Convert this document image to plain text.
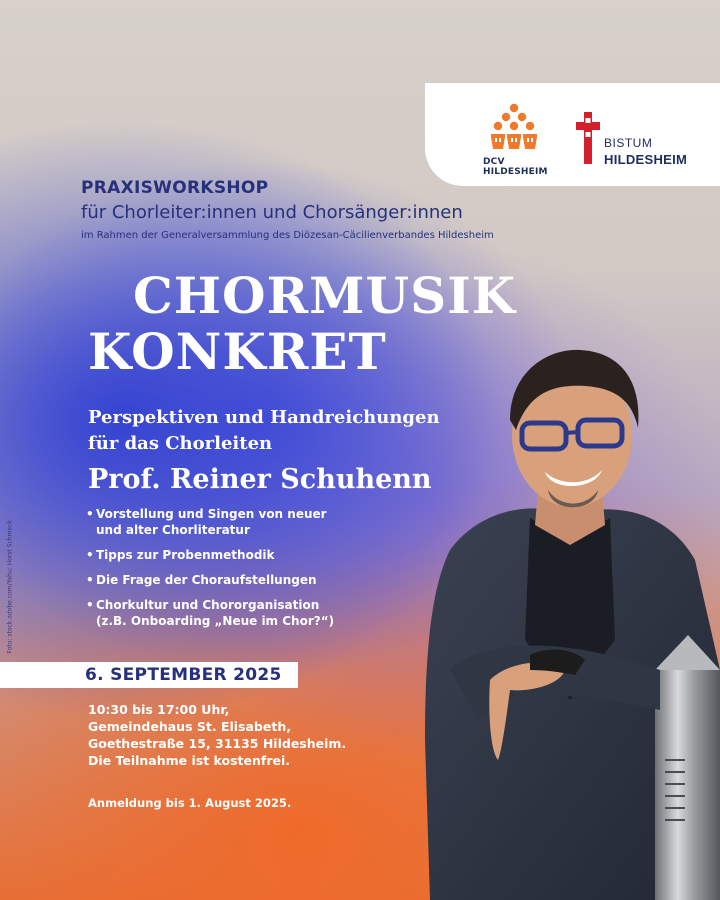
DCV HILDESHEIM
BISTUM
HILDESHEIM
PRAXISWORKSHOP
für Chorleiter:innen und Chorsänger:innen
im Rahmen der Generalversammlung des Diözesan-Cäcilienverbandes Hildesheim
CHORMUSIK
KONKRET
Perspektiven und Handreichungen
für das Chorleiten
Prof. Reiner Schuhenn
• Vorstellung und Singen von neuer
und alter Chorliteratur
• Tipps zur Probenmethodik
• Die Frage der Choraufstellungen
• Chorkultur und Chororganisation
(z.B. Onboarding „Neue im Chor?“)
Foto: stock.adobe.com/Yahu; Horst Schmeck
6. SEPTEMBER 2025
10:30 bis 17:00 Uhr,
Gemeindehaus St. Elisabeth,
Goethestraße 15, 31135 Hildesheim.
Die Teilnahme ist kostenfrei.
Anmeldung bis 1. August 2025.
